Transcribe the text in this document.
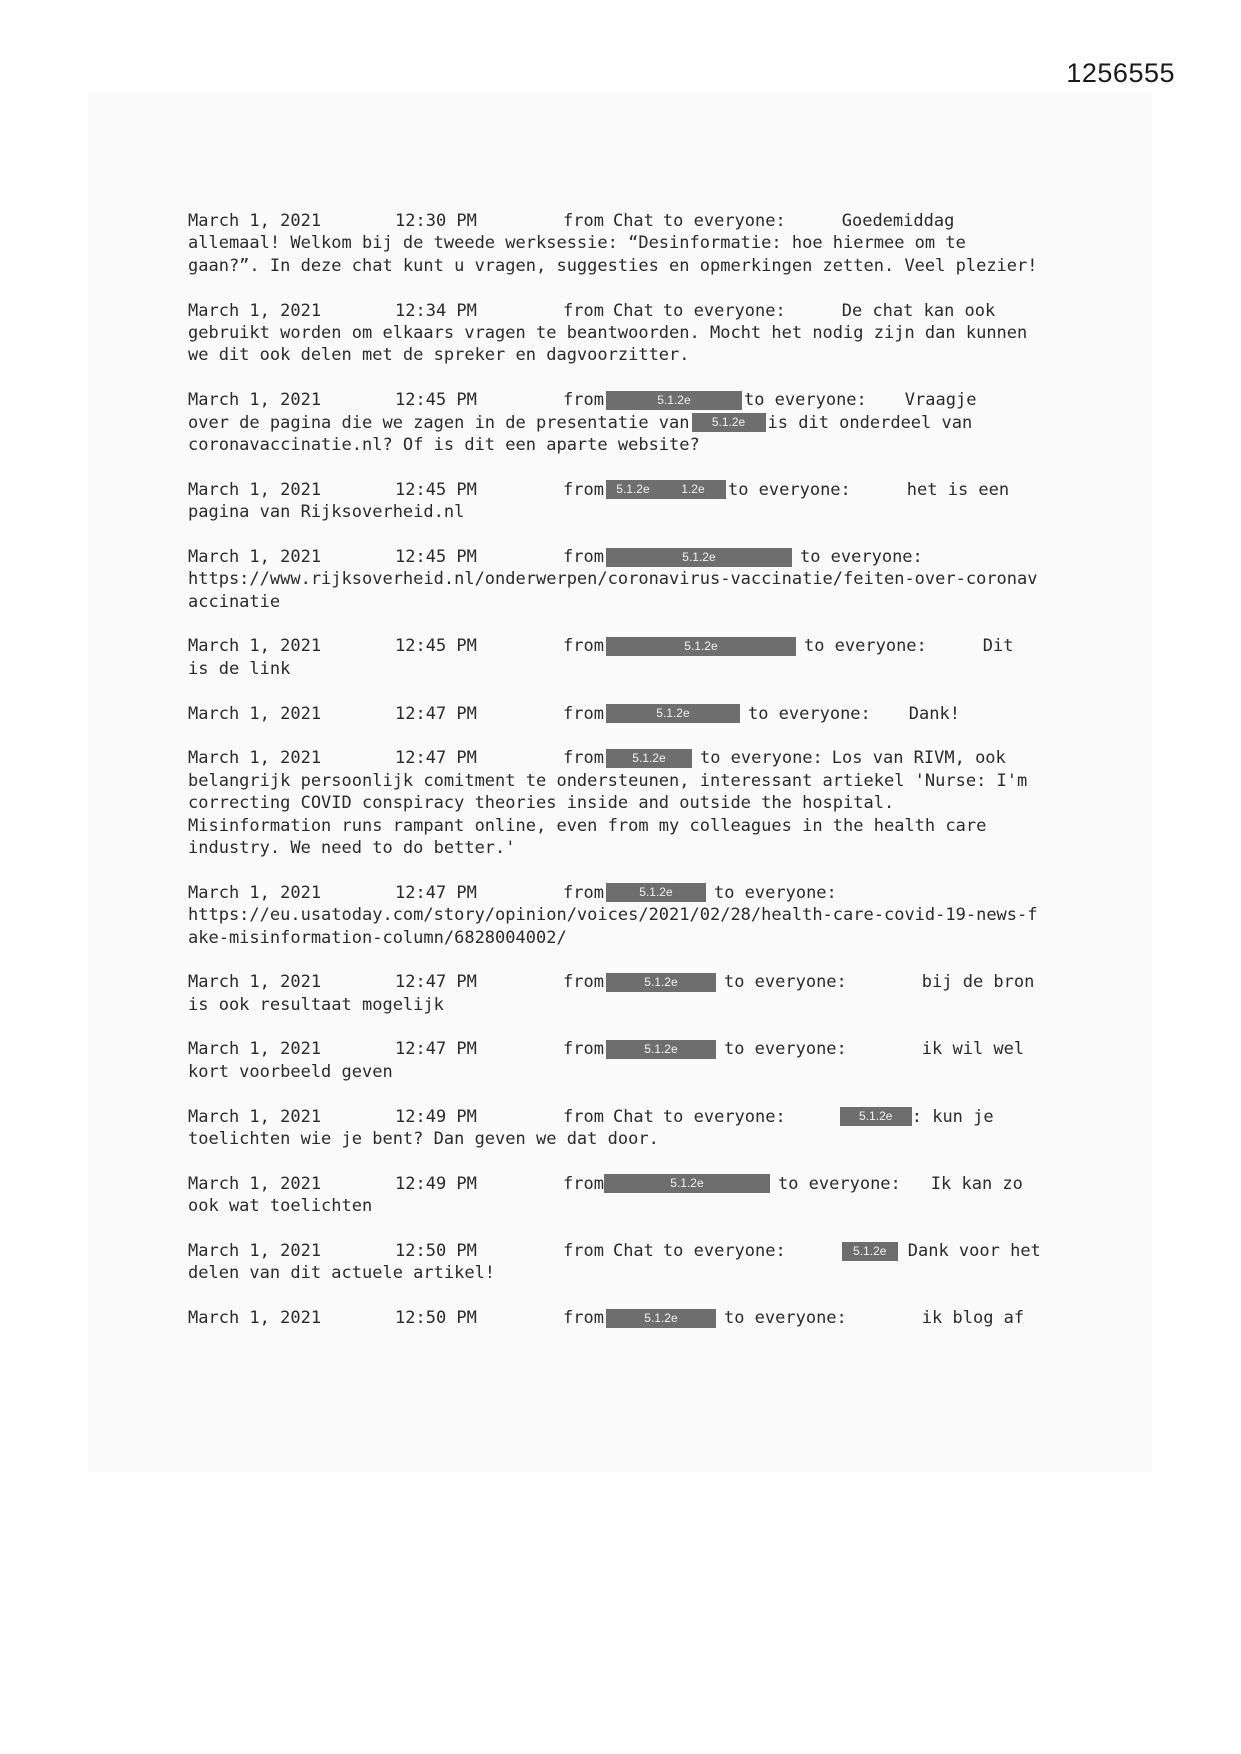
1256555
March 1, 2021	12:30 PM	from Chat to everyone:	Goedemiddag
allemaal! Welkom bij de tweede werksessie: “Desinformatie: hoe hiermee om te
gaan?”. In deze chat kunt u vragen, suggesties en opmerkingen zetten. Veel plezier!
March 1, 2021	12:34 PM	from Chat to everyone:	De chat kan ook
gebruikt worden om elkaars vragen te beantwoorden. Mocht het nodig zijn dan kunnen
we dit ook delen met de spreker en dagvoorzitter.
March 1, 2021	12:45 PM	from	5.1.2e	to everyone: Vraagje
over de pagina die we zagen in de presentatie van	5.1.2e	is dit onderdeel van
coronavaccinatie.nl? Of is dit een aparte website?
March 1, 2021	12:45 PM	from	5.1.2e	1.2e	to everyone:	het is een
pagina van Rijksoverheid.nl
March 1, 2021	12:45 PM	from	5.1.2e	to everyone:
https://www.rijksoverheid.nl/onderwerpen/coronavirus-vaccinatie/feiten-over-coronav
accinatie
March 1, 2021	12:45 PM	from	5.1.2e	to everyone:	Dit
is de link
March 1, 2021	12:47 PM	from	5.1.2e	to everyone: Dank!
March 1, 2021	12:47 PM	from	5.1.2e	to everyone: Los van RIVM, ook
belangrijk persoonlijk comitment te ondersteunen, interessant artiekel 'Nurse: I'm
correcting COVID conspiracy theories inside and outside the hospital.
Misinformation runs rampant online, even from my colleagues in the health care
industry. We need to do better.'
March 1, 2021	12:47 PM	from	5.1.2e	to everyone:
https://eu.usatoday.com/story/opinion/voices/2021/02/28/health-care-covid-19-news-f
ake-misinformation-column/6828004002/
March 1, 2021	12:47 PM	from	5.1.2e	to everyone:	bij de bron
is ook resultaat mogelijk
March 1, 2021	12:47 PM	from	5.1.2e	to everyone:	ik wil wel
kort voorbeeld geven
March 1, 2021	12:49 PM	from Chat to everyone:	5.1.2e	: kun je
toelichten wie je bent? Dan geven we dat door.
March 1, 2021	12:49 PM	from	5.1.2e	to everyone: Ik kan zo
ook wat toelichten
March 1, 2021	12:50 PM	from Chat to everyone:	5.1.2e	Dank voor het
delen van dit actuele artikel!
March 1, 2021	12:50 PM	from	5.1.2e	to everyone:	ik blog af
